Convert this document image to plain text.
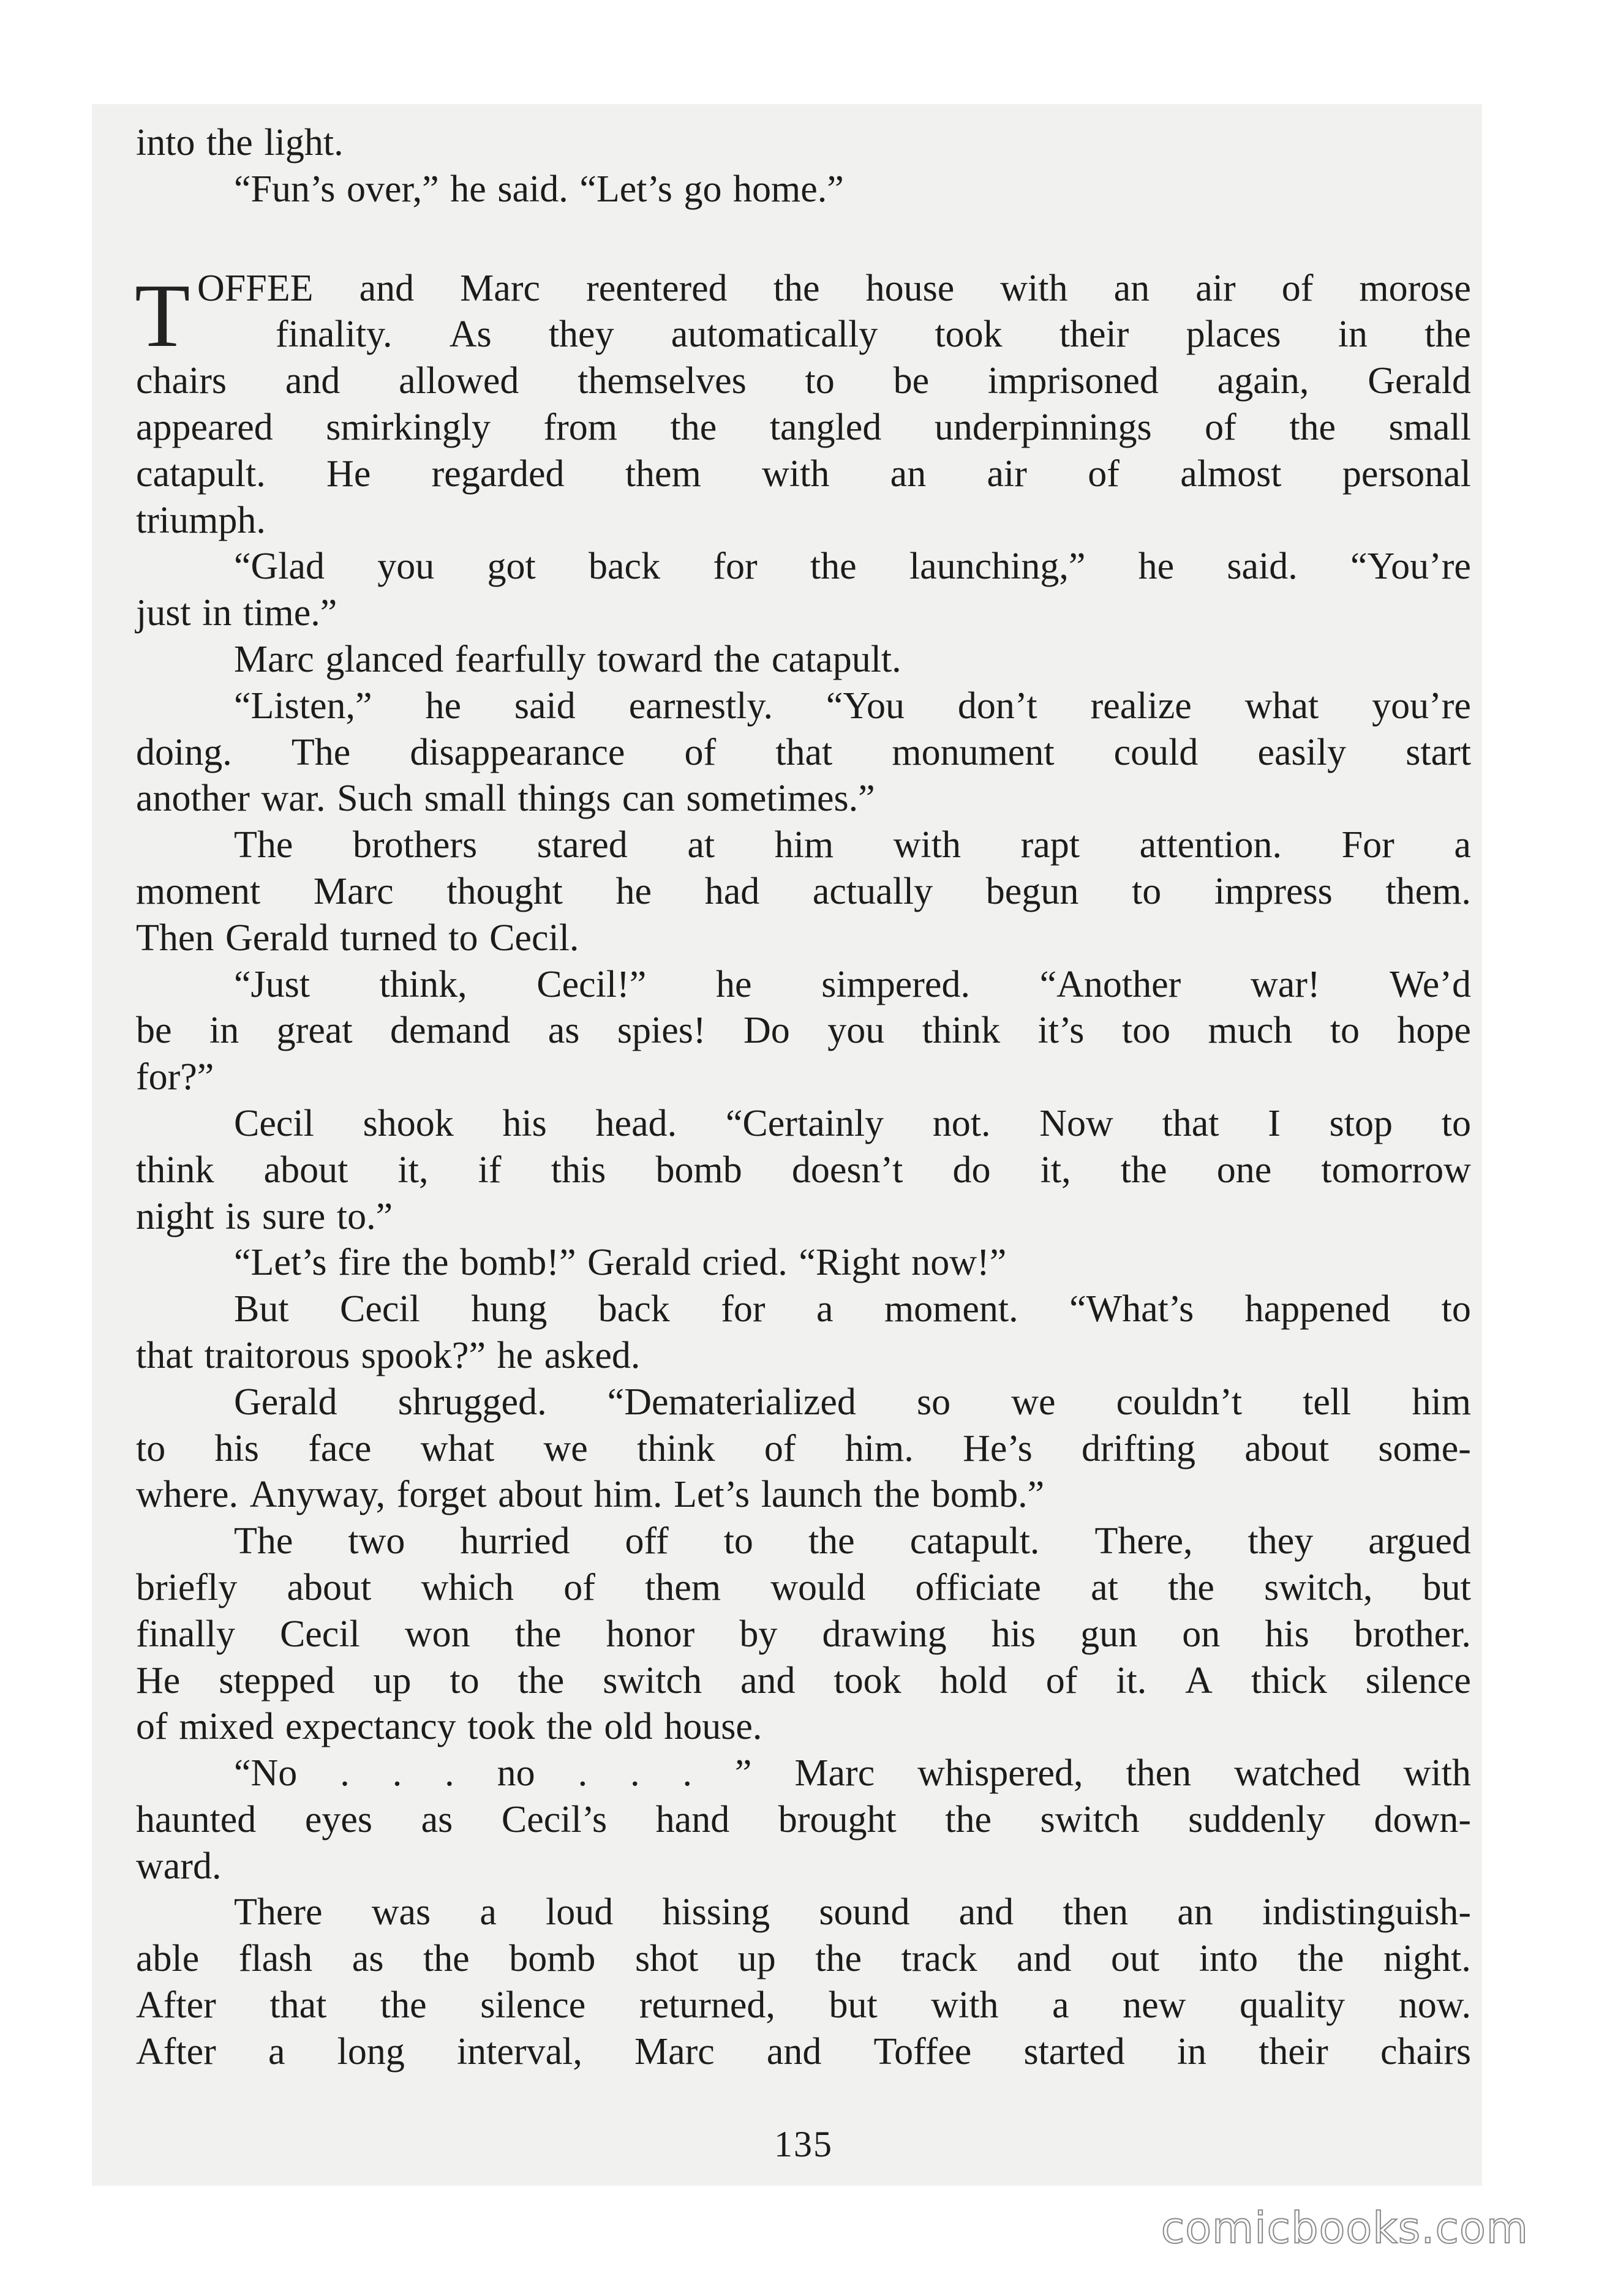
into the light.
“Fun’s over,” he said. “Let’s go home.”
T OFFEE and Marc reentered the house with an air of morose
finality. As they automatically took their places in the
chairs and allowed themselves to be imprisoned again, Gerald
appeared smirkingly from the tangled underpinnings of the small
catapult. He regarded them with an air of almost personal
triumph.
“Glad you got back for the launching,” he said. “You’re
just in time.”
Marc glanced fearfully toward the catapult.
“Listen,” he said earnestly. “You don’t realize what you’re
doing. The disappearance of that monument could easily start
another war. Such small things can sometimes.”
The brothers stared at him with rapt attention. For a
moment Marc thought he had actually begun to impress them.
Then Gerald turned to Cecil.
“Just think, Cecil!” he simpered. “Another war! We’d
be in great demand as spies! Do you think it’s too much to hope
for?”
Cecil shook his head. “Certainly not. Now that I stop to
think about it, if this bomb doesn’t do it, the one tomorrow
night is sure to.”
“Let’s fire the bomb!” Gerald cried. “Right now!”
But Cecil hung back for a moment. “What’s happened to
that traitorous spook?” he asked.
Gerald shrugged. “Dematerialized so we couldn’t tell him
to his face what we think of him. He’s drifting about some-
where. Anyway, forget about him. Let’s launch the bomb.”
The two hurried off to the catapult. There, they argued
briefly about which of them would officiate at the switch, but
finally Cecil won the honor by drawing his gun on his brother.
He stepped up to the switch and took hold of it. A thick silence
of mixed expectancy took the old house.
“No . . . no . . . ” Marc whispered, then watched with
haunted eyes as Cecil’s hand brought the switch suddenly down-
ward.
There was a loud hissing sound and then an indistinguish-
able flash as the bomb shot up the track and out into the night.
After that the silence returned, but with a new quality now.
After a long interval, Marc and Toffee started in their chairs
135
comicbooks.com
